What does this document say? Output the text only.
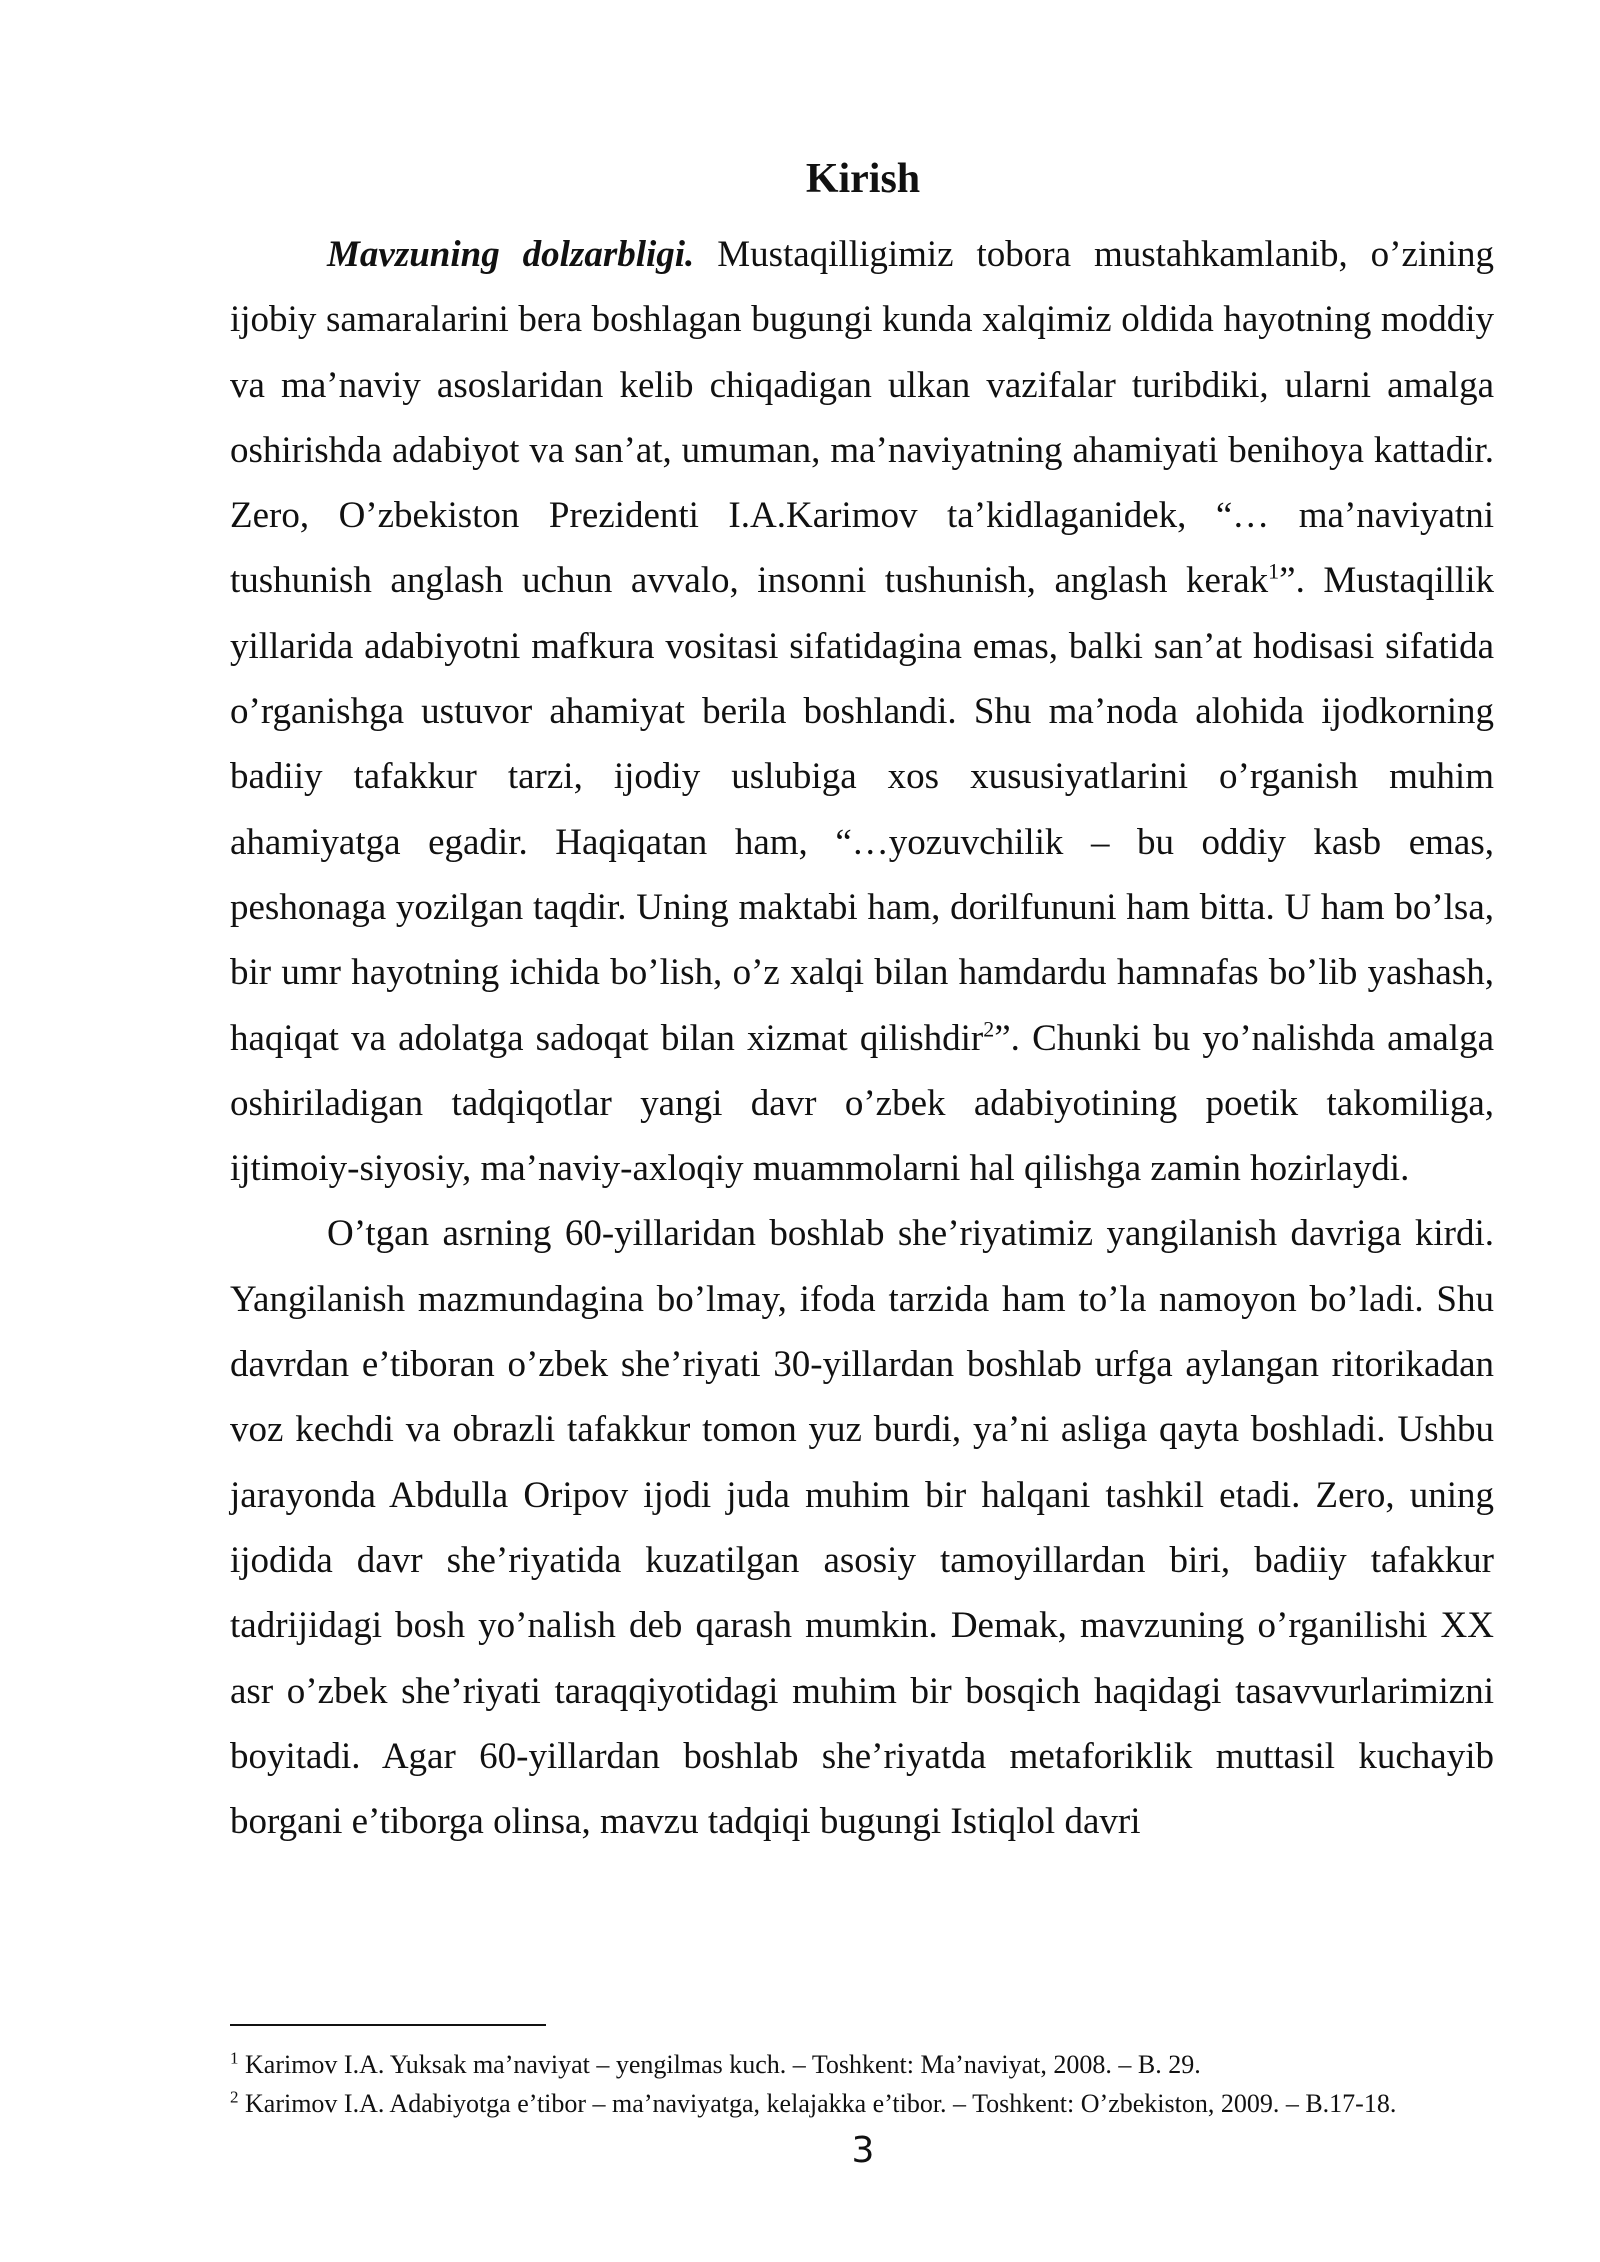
Kirish

Mavzuning dolzarbligi. Mustaqilligimiz tobora mustahkamlanib, o’zining ijobiy samaralarini bera boshlagan bugungi kunda xalqimiz oldida hayotning moddiy va ma’naviy asoslaridan kelib chiqadigan ulkan vazifalar turibdiki, ularni amalga oshirishda adabiyot va san’at, umuman, ma’naviyatning ahamiyati benihoya kattadir. Zero, O’zbekiston Prezidenti I.A.Karimov ta’kidlaganidek, “… ma’naviyatni tushunish anglash uchun avvalo, insonni tushunish, anglash kerak$^1$”. Mustaqillik yillarida adabiyotni mafkura vositasi sifatidagina emas, balki san’at hodisasi sifatida o’rganishga ustuvor ahamiyat berila boshlandi. Shu ma’noda alohida ijodkorning badiiy tafakkur tarzi, ijodiy uslubiga xos xususiyatlarini o’rganish muhim ahamiyatga egadir. Haqiqatan ham, “…yozuvchilik – bu oddiy kasb emas, peshonaga yozilgan taqdir. Uning maktabi ham, dorilfununi ham bitta. U ham bo’lsa, bir umr hayotning ichida bo’lish, o’z xalqi bilan hamdardu hamnafas bo’lib yashash, haqiqat va adolatga sadoqat bilan xizmat qilishdir$^2$”. Chunki bu yo’nalishda amalga oshiriladigan tadqiqotlar yangi davr o’zbek adabiyotining poetik takomiliga, ijtimoiy-siyosiy, ma’naviy-axloqiy muammolarni hal qilishga zamin hozirlaydi.

O’tgan asrning 60-yillaridan boshlab she’riyatimiz yangilanish davriga kirdi. Yangilanish mazmundagina bo’lmay, ifoda tarzida ham to’la namoyon bo’ladi. Shu davrdan e’tiboran o’zbek she’riyati 30-yillardan boshlab urfga aylangan ritorikadan voz kechdi va obrazli tafakkur tomon yuz burdi, ya’ni asliga qayta boshladi. Ushbu jarayonda Abdulla Oripov ijodi juda muhim bir halqani tashkil etadi. Zero, uning ijodida davr she’riyatida kuzatilgan asosiy tamoyillardan biri, badiiy tafakkur tadrijidagi bosh yo’nalish deb qarash mumkin. Demak, mavzuning o’rganilishi XX asr o’zbek she’riyati taraqqiyotidagi muhim bir bosqich haqidagi tasavvurlarimizni boyitadi. Agar 60-yillardan boshlab she’riyatda metaforiklik muttasil kuchayib borgani e’tiborga olinsa, mavzu tadqiqi bugungi Istiqlol davri

$^1$ Karimov I.A. Yuksak ma’naviyat – yengilmas kuch. – Toshkent: Ma’naviyat, 2008. – B. 29.

$^2$ Karimov I.A. Adabiyotga e’tibor – ma’naviyatga, kelajakka e’tibor. – Toshkent: O’zbekiston, 2009. – B.17-18.

3
